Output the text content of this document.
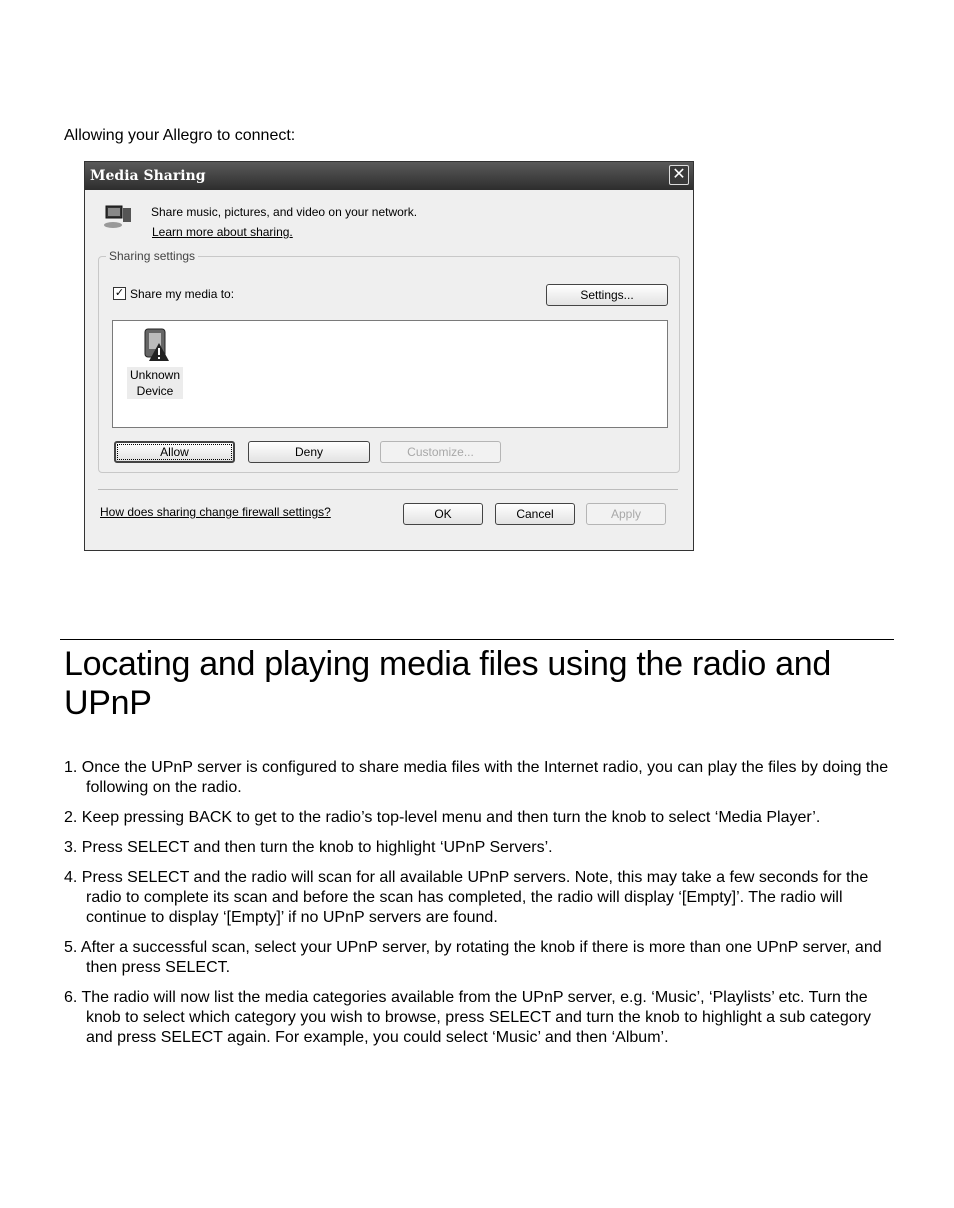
Allowing your Allegro to connect:
Media Sharing	✕
Share music, pictures, and video on your network.
Learn more about sharing.
Sharing settings
✓ Share my media to:	Settings...
Unknown
Device
Allow	Deny	Customize...
How does sharing change firewall settings?	OK	Cancel	Apply
Locating and playing media files using the radio and UPnP
1. Once the UPnP server is configured to share media files with the Internet radio, you can play the files by doing the following on the radio.
2. Keep pressing BACK to get to the radio’s top-level menu and then turn the knob to select ‘Media Player’.
3. Press SELECT and then turn the knob to highlight ‘UPnP Servers’.
4. Press SELECT and the radio will scan for all available UPnP servers. Note, this may take a few seconds for the radio to complete its scan and before the scan has completed, the radio will display ‘[Empty]’. The radio will continue to display ‘[Empty]’ if no UPnP servers are found.
5. After a successful scan, select your UPnP server, by rotating the knob if there is more than one UPnP server, and then press SELECT.
6. The radio will now list the media categories available from the UPnP server, e.g. ‘Music’, ‘Playlists’ etc. Turn the knob to select which category you wish to browse, press SELECT and turn the knob to highlight a sub category and press SELECT again. For example, you could select ‘Music’ and then ‘Album’.
